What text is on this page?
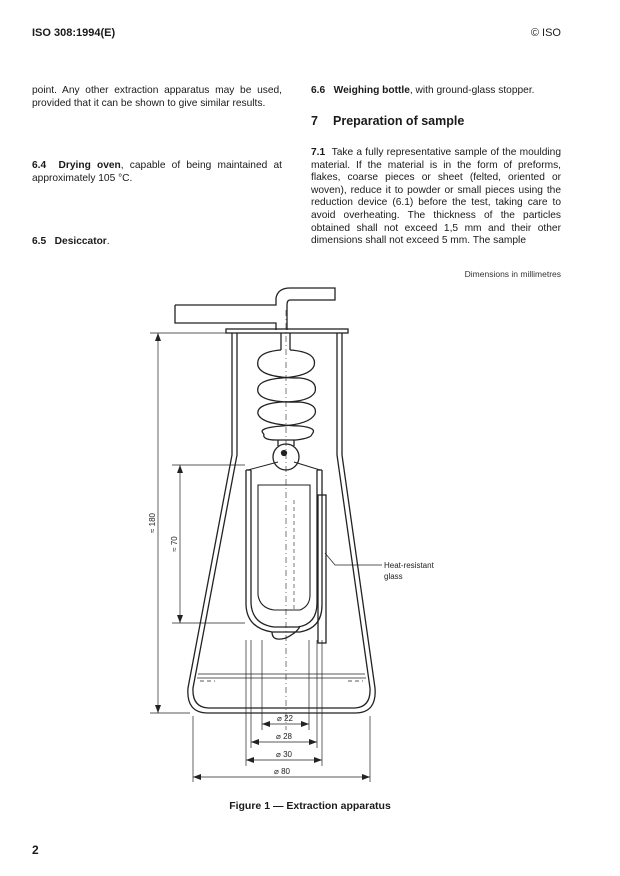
ISO 308:1994(E)	© ISO
point. Any other extraction apparatus may be used, provided that it can be shown to give similar results.
6.4 Drying oven, capable of being maintained at approximately 105 °C.
6.5 Desiccator.
6.6 Weighing bottle, with ground-glass stopper.
7 Preparation of sample
7.1 Take a fully representative sample of the moulding material. If the material is in the form of preforms, flakes, coarse pieces or sheet (felted, oriented or woven), reduce it to powder or small pieces using the reduction device (6.1) before the test, taking care to avoid overheating. The thickness of the particles obtained shall not exceed 1,5 mm and their other dimensions shall not exceed 5 mm. The sample
Dimensions in millimetres
≈ 180
≈ 70
⌀ 22
⌀ 28
⌀ 30
⌀ 80
Heat-resistant
glass
Figure 1 — Extraction apparatus
2
